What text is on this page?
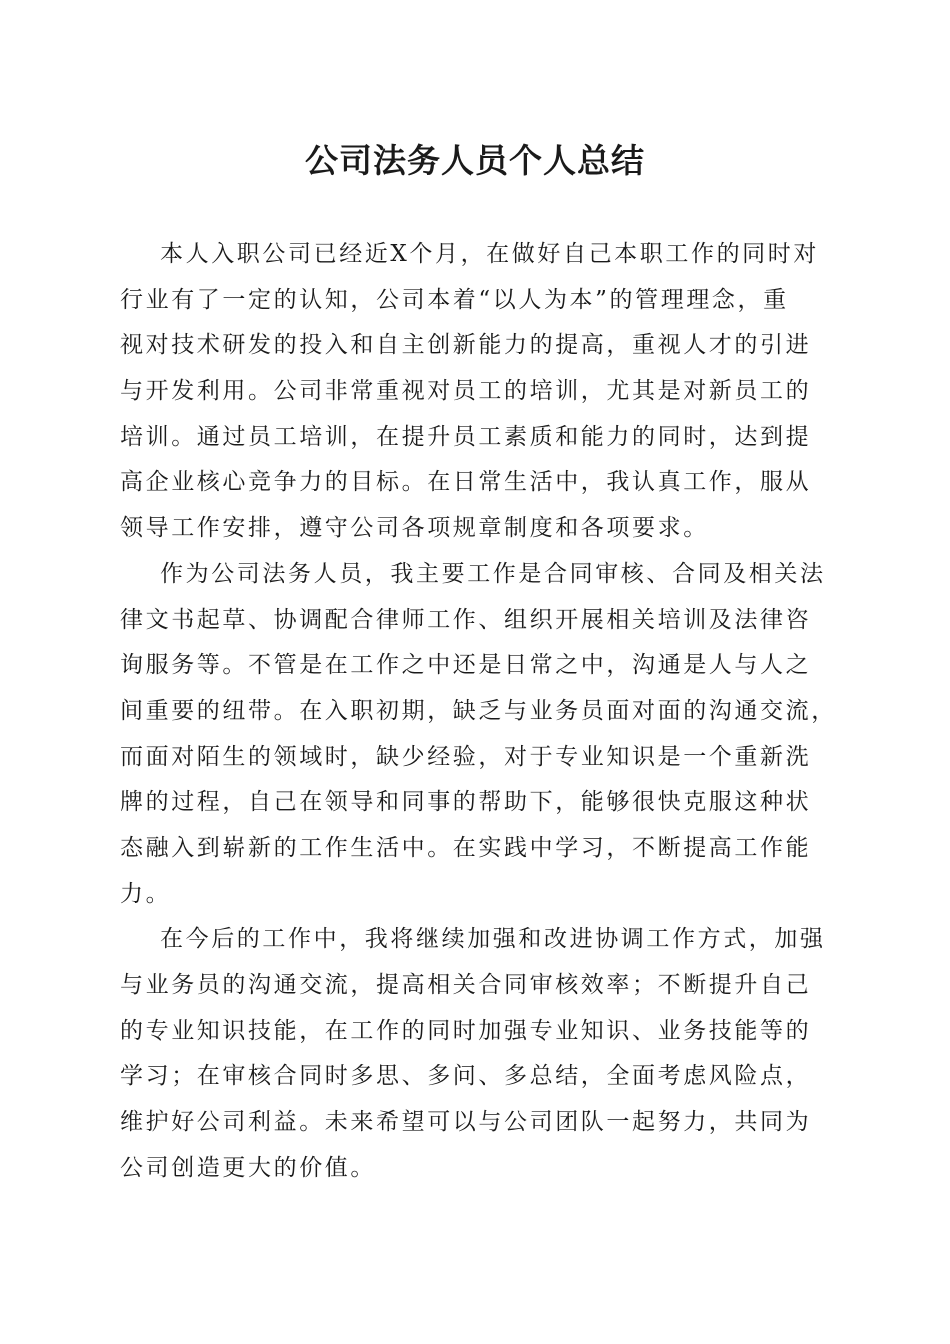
公司法务人员个人总结
本人入职公司已经近X个月，在做好自己本职工作的同时对
行业有了一定的认知，公司本着“以人为本”的管理理念，重
视对技术研发的投入和自主创新能力的提高，重视人才的引进
与开发利用。公司非常重视对员工的培训，尤其是对新员工的
培训。通过员工培训，在提升员工素质和能力的同时，达到提
高企业核心竞争力的目标。在日常生活中，我认真工作，服从
领导工作安排，遵守公司各项规章制度和各项要求。
作为公司法务人员，我主要工作是合同审核、合同及相关法
律文书起草、协调配合律师工作、组织开展相关培训及法律咨
询服务等。不管是在工作之中还是日常之中，沟通是人与人之
间重要的纽带。在入职初期，缺乏与业务员面对面的沟通交流，
而面对陌生的领域时，缺少经验，对于专业知识是一个重新洗
牌的过程，自己在领导和同事的帮助下，能够很快克服这种状
态融入到崭新的工作生活中。在实践中学习，不断提高工作能
力。
在今后的工作中，我将继续加强和改进协调工作方式，加强
与业务员的沟通交流，提高相关合同审核效率；不断提升自己
的专业知识技能，在工作的同时加强专业知识、业务技能等的
学习；在审核合同时多思、多问、多总结，全面考虑风险点，
维护好公司利益。未来希望可以与公司团队一起努力，共同为
公司创造更大的价值。
